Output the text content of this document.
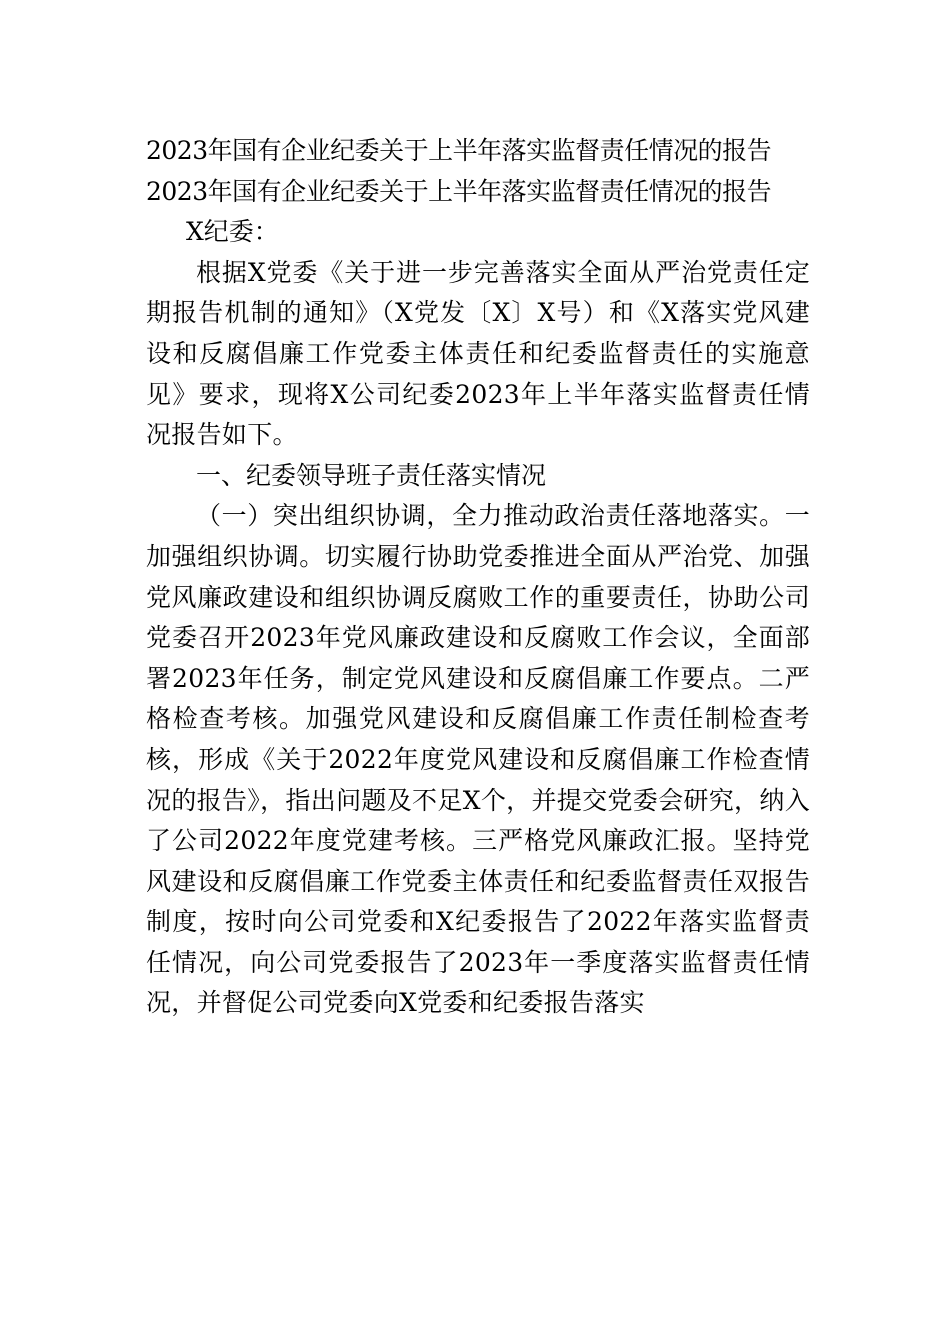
2023年国有企业纪委关于上半年落实监督责任情况的报告

2023年国有企业纪委关于上半年落实监督责任情况的报告

X纪委：

根据X党委《关于进一步完善落实全面从严治党责任定期报告机制的通知》（X党发〔X〕X号）和《X落实党风建设和反腐倡廉工作党委主体责任和纪委监督责任的实施意见》要求，现将X公司纪委2023年上半年落实监督责任情况报告如下。

一、纪委领导班子责任落实情况

（一）突出组织协调，全力推动政治责任落地落实。一加强组织协调。切实履行协助党委推进全面从严治党、加强党风廉政建设和组织协调反腐败工作的重要责任，协助公司党委召开2023年党风廉政建设和反腐败工作会议，全面部署2023年任务，制定党风建设和反腐倡廉工作要点。二严格检查考核。加强党风建设和反腐倡廉工作责任制检查考核，形成《关于2022年度党风建设和反腐倡廉工作检查情况的报告》，指出问题及不足X个，并提交党委会研究，纳入了公司2022年度党建考核。三严格党风廉政汇报。坚持党风建设和反腐倡廉工作党委主体责任和纪委监督责任双报告制度，按时向公司党委和X纪委报告了2022年落实监督责任情况，向公司党委报告了2023年一季度落实监督责任情况，并督促公司党委向X党委和纪委报告落实
